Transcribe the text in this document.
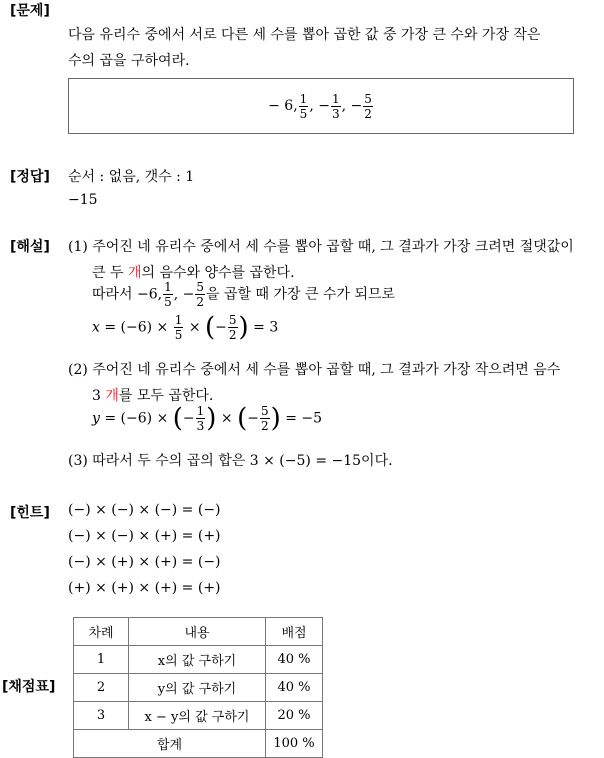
[문제]
다음 유리수 중에서 서로 다른 세 수를 뽑아 곱한 값 중 가장 큰 수와 가장 작은
수의 곱을 구하여라.
− 6, $\frac{1}{5}$ , − $\frac{1}{3}$ , − $\frac{5}{2}$
[정답] 순서 : 없음, 갯수 : 1
−15
[해설] (1) 주어진 네 유리수 중에서 세 수를 뽑아 곱할 때, 그 결과가 가장 크려면 절댓값이
큰 두 개의 음수와 양수를 곱한다.
따라서 −6, $\frac{1}{5}$ , − $\frac{5}{2}$ 을 곱할 때 가장 큰 수가 되므로
$x = (-6) \times \frac{1}{5}$ × (− $\frac{5}{2}$ ) = 3
(2) 주어진 네 유리수 중에서 세 수를 뽑아 곱할 때, 그 결과가 가장 작으려면 음수
3 개를 모두 곱한다.
y = (−6) × (− $\frac{1}{3}$ ) × (− $\frac{5}{2}$ ) = −5
(3) 따라서 두 수의 곱의 합은 3 × (−5) = −15이다.
[힌트] (−) × (−) × (−) = (−)
(−) × (−) × (+) = (+)
(−) × (+) × (+) = (−)
(+) × (+) × (+) = (+)
[채점표]
차례	내용	배점
1	x의 값 구하기	40 %
2	y의 값 구하기	40 %
3	x − y의 값 구하기	20 %
합계		100 %
